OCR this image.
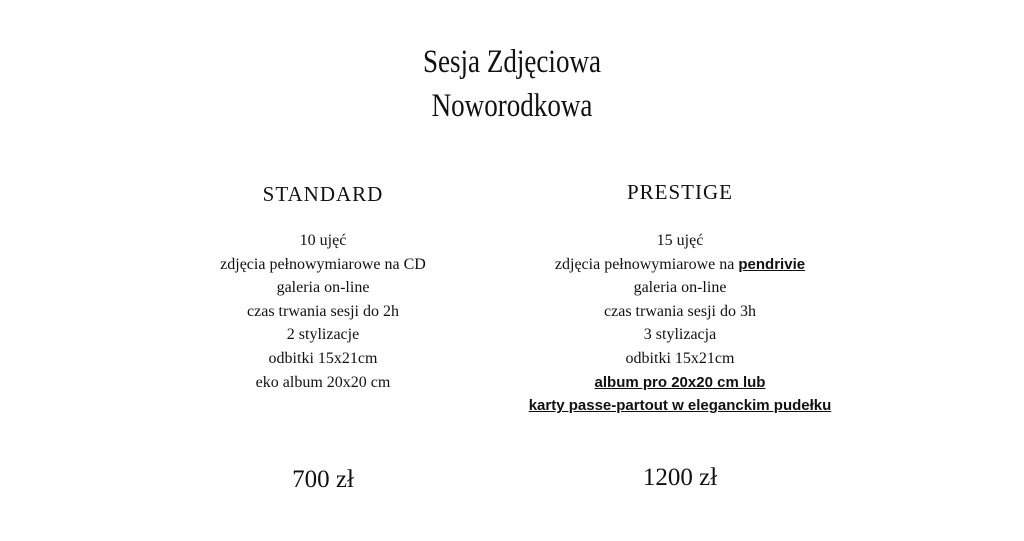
Sesja Zdjęciowa
Noworodkowa
STANDARD
10 ujęć
zdjęcia pełnowymiarowe na CD
galeria on-line
czas trwania sesji do 2h
2 stylizacje
odbitki 15x21cm
eko album 20x20 cm
700 zł
PRESTIGE
15 ujęć
zdjęcia pełnowymiarowe na pendrivie
galeria on-line
czas trwania sesji do 3h
3 stylizacja
odbitki 15x21cm
album pro 20x20 cm lub
karty passe-partout w eleganckim pudełku
1200 zł
